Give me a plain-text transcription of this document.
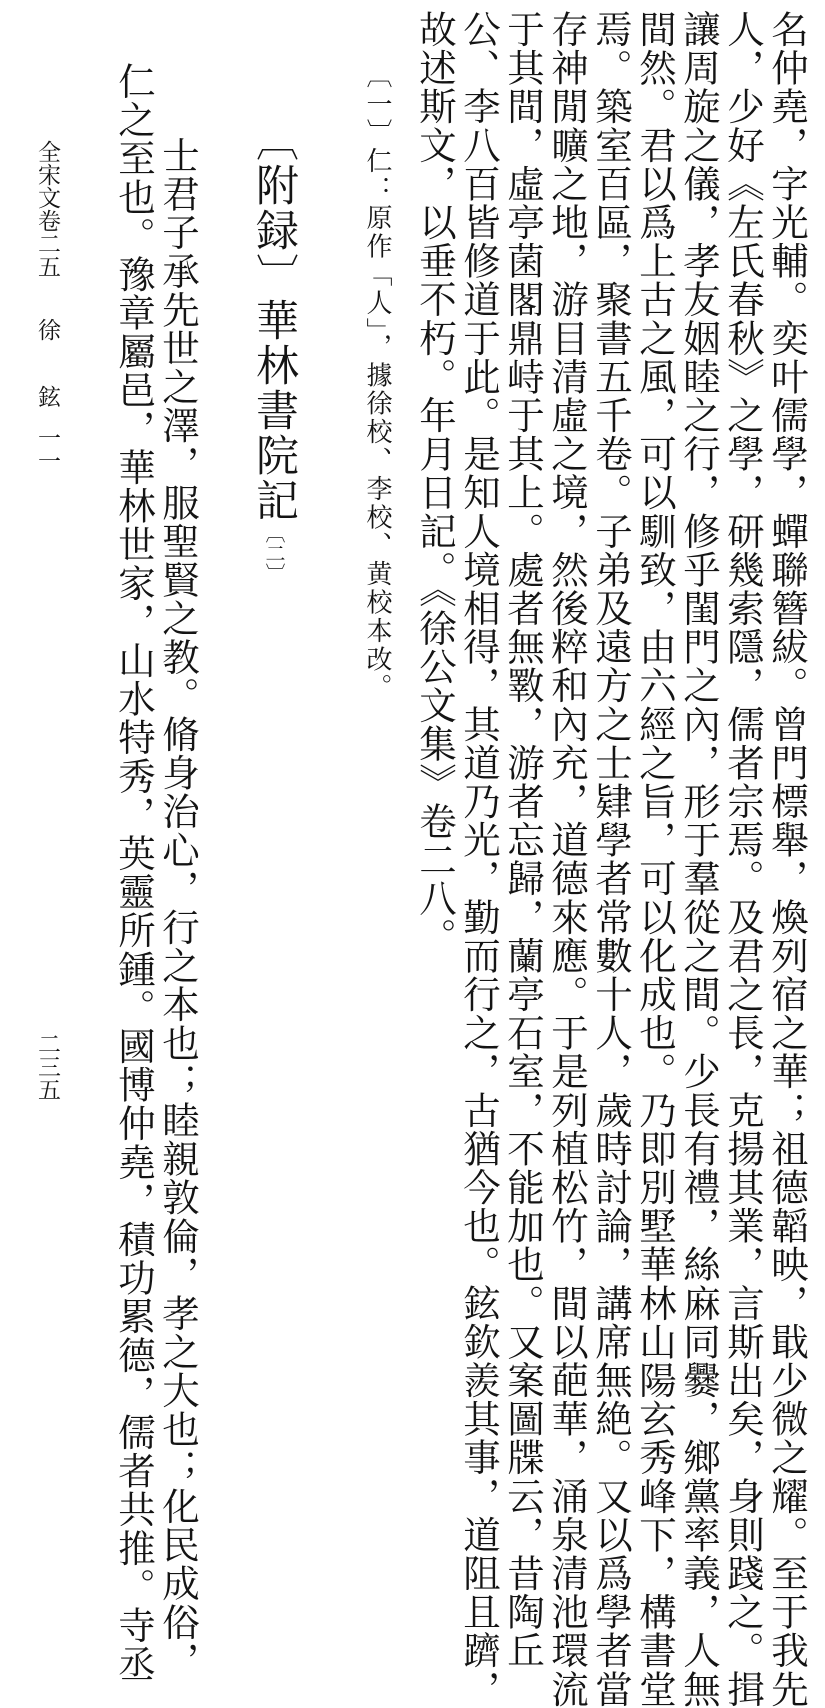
名仲堯，字光輔。奕叶儒學，蟬聯簪紱。曾門標舉，煥列宿之華；祖德韜映，戢少微之耀。至于我先
人，少好《左氏春秋》之學，研幾索隱，儒者宗焉。及君之長，克揚其業，言斯出矣，身則踐之。揖
讓周旋之儀，孝友姻睦之行，修乎閨門之內，形于羣從之間。少長有禮，絲麻同爨，鄉黨率義，人無
間然。君以爲上古之風，可以馴致，由六經之旨，可以化成也。乃即別墅華林山陽玄秀峰下，構書堂
焉。築室百區，聚書五千卷。子弟及遠方之士肄學者常數十人，歲時討論，講席無絶。又以爲學者當
存神閒曠之地，游目清虛之境，然後粹和內充，道德來應。于是列植松竹，間以葩華，涌泉清池環流
于其間，虛亭菌閣鼎峙于其上。處者無斁，游者忘歸，蘭亭石室，不能加也。又案圖牒云，昔陶丘
公、李八百皆修道于此。是知人境相得，其道乃光，勤而行之，古猶今也。鉉欽羨其事，道阻且躋，
故述斯文，以垂不朽。年月日記。《徐公文集》卷二八。
〔一〕仁：原作「人」，據徐校、李校、黄校本改。
〔附録〕華林書院記〔二〕
士君子承先世之澤，服聖賢之教。脩身治心，行之本也；睦親敦倫，孝之大也；化民成俗，
仁之至也。豫章屬邑，華林世家，山水特秀，英靈所鍾。國博仲堯，積功累德，儒者共推。寺丞
全宋文卷二五徐鉉一一
二三五
